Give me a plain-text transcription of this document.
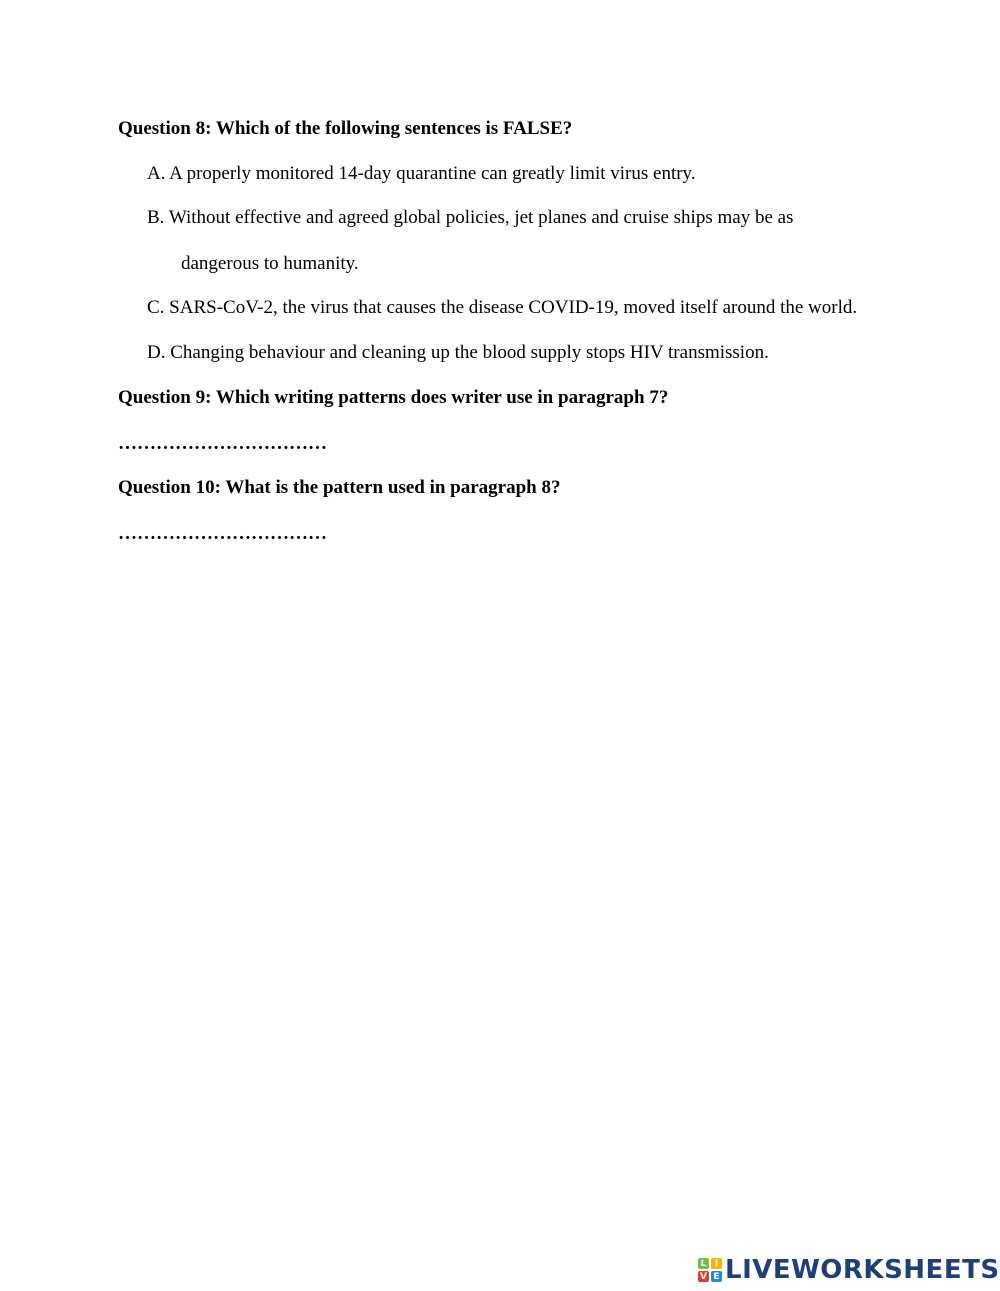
Question 8: Which of the following sentences is FALSE?
A. A properly monitored 14-day quarantine can greatly limit virus entry.
B. Without effective and agreed global policies, jet planes and cruise ships may be as
dangerous to humanity.
C. SARS-CoV-2, the virus that causes the disease COVID-19, moved itself around the world.
D. Changing behaviour and cleaning up the blood supply stops HIV transmission.
Question 9: Which writing patterns does writer use in paragraph 7?
……………………………
Question 10: What is the pattern used in paragraph 8?
……………………………
L I
V E LIVEWORKSHEETS
